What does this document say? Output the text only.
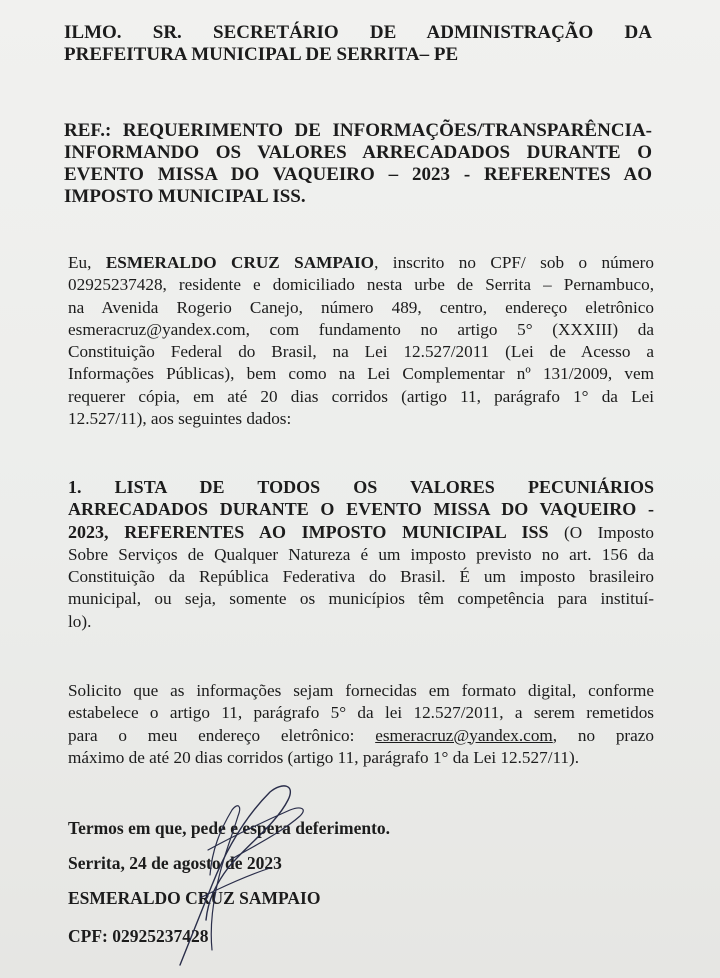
ILMO. SR. SECRETÁRIO DE ADMINISTRAÇÃO DA
PREFEITURA MUNICIPAL DE SERRITA– PE
REF.: REQUERIMENTO DE INFORMAÇÕES/TRANSPARÊNCIA-
INFORMANDO OS VALORES ARRECADADOS DURANTE O
EVENTO MISSA DO VAQUEIRO – 2023 - REFERENTES AO
IMPOSTO MUNICIPAL ISS.
Eu, ESMERALDO CRUZ SAMPAIO, inscrito no CPF/ sob o número
02925237428, residente e domiciliado nesta urbe de Serrita – Pernambuco,
na Avenida Rogerio Canejo, número 489, centro, endereço eletrônico
esmeracruz@yandex.com, com fundamento no artigo 5° (XXXIII) da
Constituição Federal do Brasil, na Lei 12.527/2011 (Lei de Acesso a
Informações Públicas), bem como na Lei Complementar nº 131/2009, vem
requerer cópia, em até 20 dias corridos (artigo 11, parágrafo 1° da Lei
12.527/11), aos seguintes dados:
1. LISTA DE TODOS OS VALORES PECUNIÁRIOS
ARRECADADOS DURANTE O EVENTO MISSA DO VAQUEIRO -
2023, REFERENTES AO IMPOSTO MUNICIPAL ISS (O Imposto
Sobre Serviços de Qualquer Natureza é um imposto previsto no art. 156 da
Constituição da República Federativa do Brasil. É um imposto brasileiro
municipal, ou seja, somente os municípios têm competência para instituí-
lo).
Solicito que as informações sejam fornecidas em formato digital, conforme
estabelece o artigo 11, parágrafo 5° da lei 12.527/2011, a serem remetidos
para o meu endereço eletrônico: esmeracruz@yandex.com, no prazo
máximo de até 20 dias corridos (artigo 11, parágrafo 1° da Lei 12.527/11).
Termos em que, pede e espera deferimento.
Serrita, 24 de agosto de 2023
ESMERALDO CRUZ SAMPAIO
CPF: 02925237428
